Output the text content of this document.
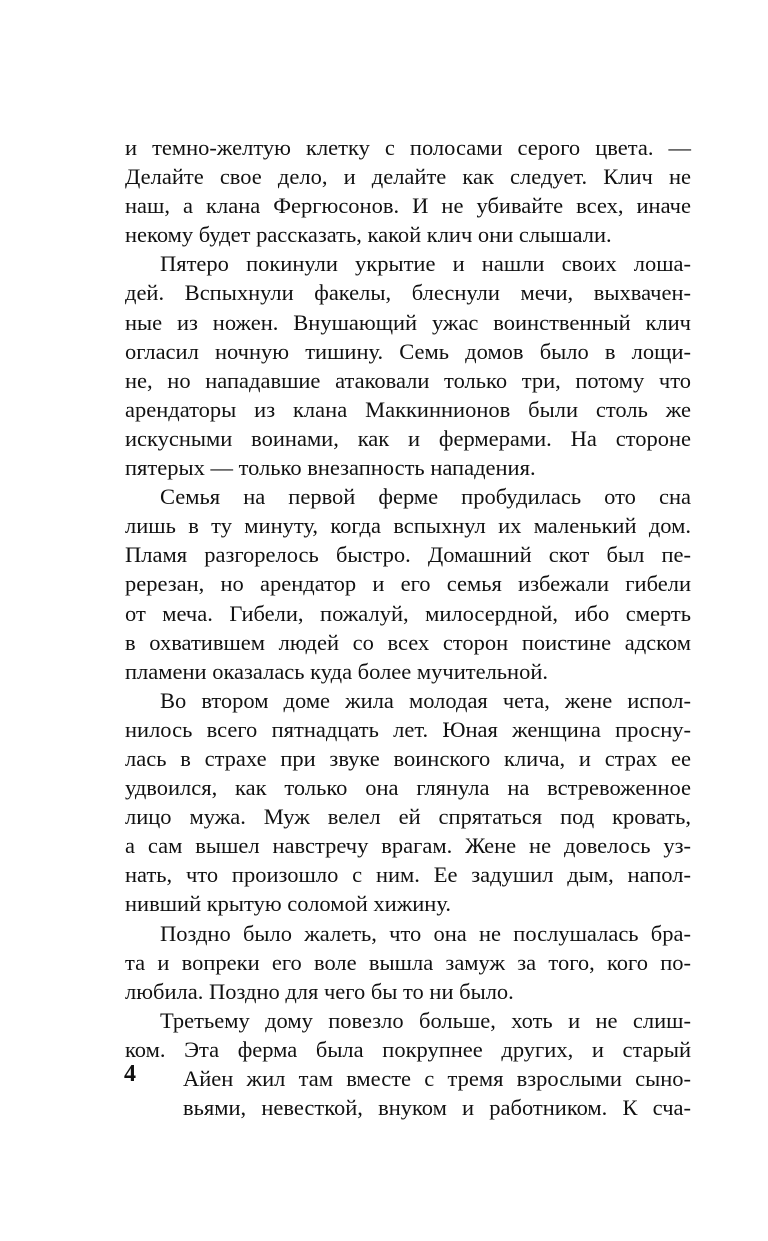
и темно-желтую клетку с полосами серого цвета. —
Делайте свое дело, и делайте как следует. Клич не
наш, а клана Фергюсонов. И не убивайте всех, иначе
некому будет рассказать, какой клич они слышали.
Пятеро покинули укрытие и нашли своих лоша-
дей. Вспыхнули факелы, блеснули мечи, выхвачен-
ные из ножен. Внушающий ужас воинственный клич
огласил ночную тишину. Семь домов было в лощи-
не, но нападавшие атаковали только три, потому что
арендаторы из клана Маккиннионов были столь же
искусными воинами, как и фермерами. На стороне
пятерых — только внезапность нападения.
Семья на первой ферме пробудилась ото сна
лишь в ту минуту, когда вспыхнул их маленький дом.
Пламя разгорелось быстро. Домашний скот был пе-
ререзан, но арендатор и его семья избежали гибели
от меча. Гибели, пожалуй, милосердной, ибо смерть
в охватившем людей со всех сторон поистине адском
пламени оказалась куда более мучительной.
Во втором доме жила молодая чета, жене испол-
нилось всего пятнадцать лет. Юная женщина просну-
лась в страхе при звуке воинского клича, и страх ее
удвоился, как только она глянула на встревоженное
лицо мужа. Муж велел ей спрятаться под кровать,
а сам вышел навстречу врагам. Жене не довелось уз-
нать, что произошло с ним. Ее задушил дым, напол-
нивший крытую соломой хижину.
Поздно было жалеть, что она не послушалась бра-
та и вопреки его воле вышла замуж за того, кого по-
любила. Поздно для чего бы то ни было.
Третьему дому повезло больше, хоть и не слиш-
ком. Эта ферма была покрупнее других, и старый
Айен жил там вместе с тремя взрослыми сыно-
вьями, невесткой, внуком и работником. К сча-
4
